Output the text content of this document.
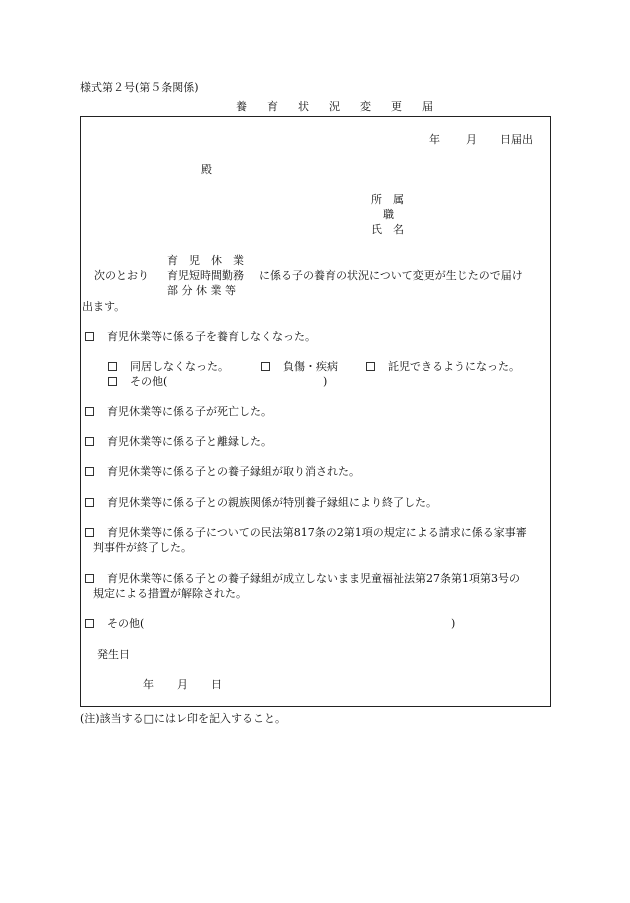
様式第２号(第５条関係)
養 育 状 況 変 更 届
年 月 日届出
殿
所　属
職
氏　名
育　児　休　業
次のとおり 育児短時間勤務 に係る子の養育の状況について変更が生じたので届け
部 分 休 業 等
出ます。
育児休業等に係る子を養育しなくなった。
同居しなくなった。	負傷・疾病	託児できるようになった。
その他(	)
育児休業等に係る子が死亡した。
育児休業等に係る子と離縁した。
育児休業等に係る子との養子縁組が取り消された。
育児休業等に係る子との親族関係が特別養子縁組により終了した。
育児休業等に係る子についての民法第817条の2第1項の規定による請求に係る家事審
判事件が終了した。
育児休業等に係る子との養子縁組が成立しないまま児童福祉法第27条第1項第3号の
規定による措置が解除された。
その他(	)
発生日
年 月 日
(注)該当する□にはレ印を記入すること。
